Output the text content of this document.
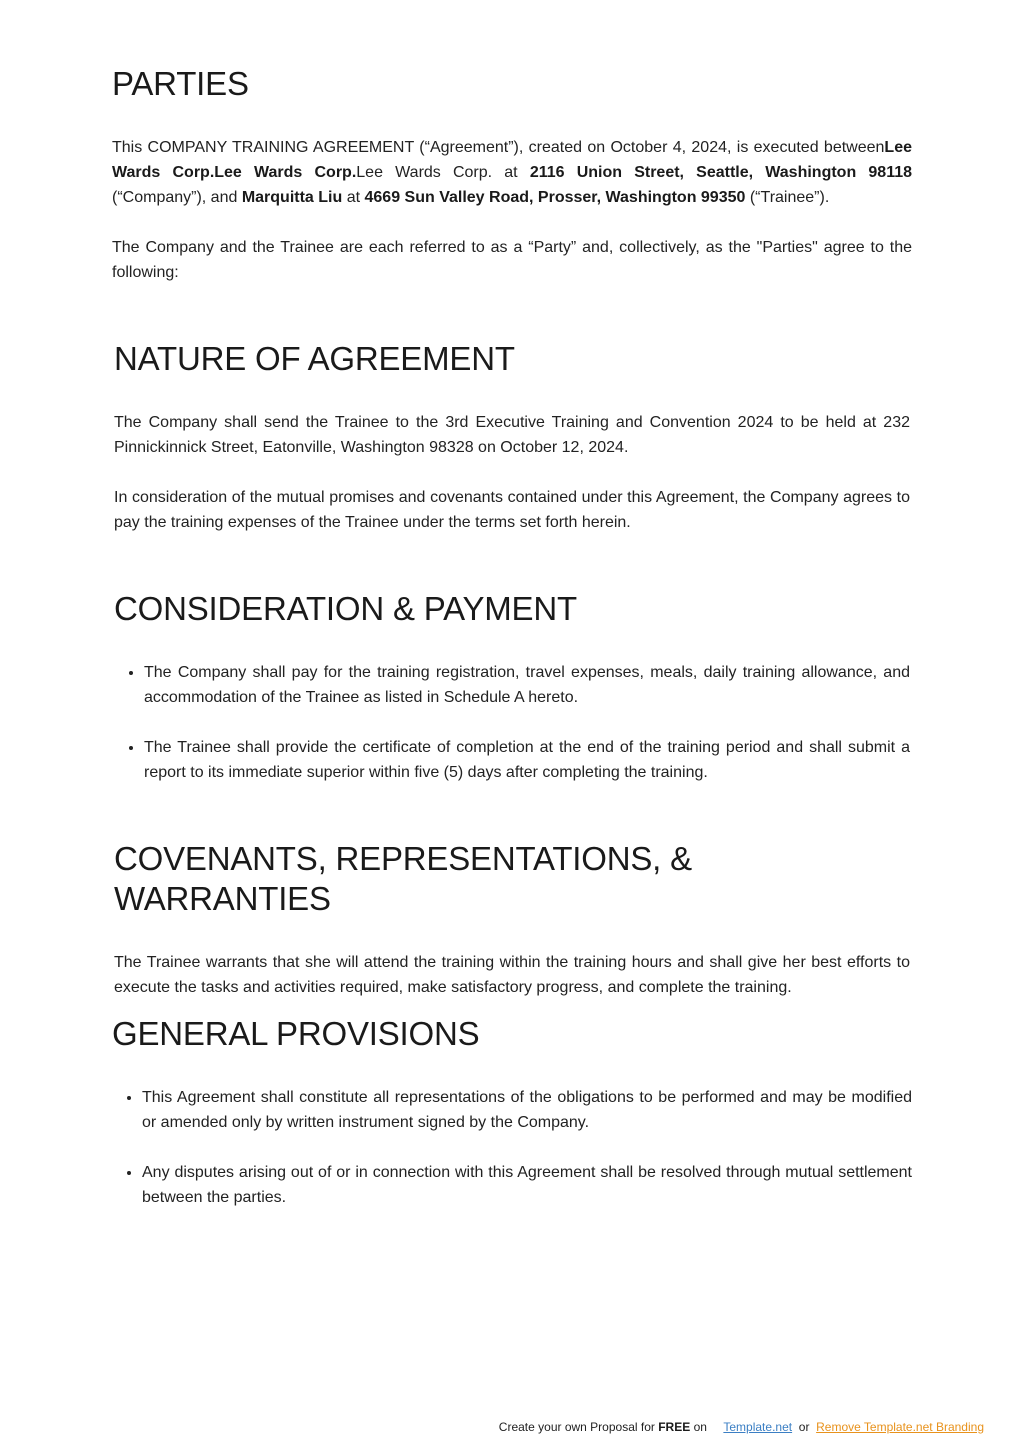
PARTIES

This COMPANY TRAINING AGREEMENT (“Agreement”), created on October 4, 2024, is executed betweenLee Wards Corp.Lee Wards Corp.Lee Wards Corp. at 2116 Union Street, Seattle, Washington 98118 (“Company”), and Marquitta Liu at 4669 Sun Valley Road, Prosser, Washington 99350 (“Trainee”).

The Company and the Trainee are each referred to as a “Party” and, collectively, as the "Parties" agree to the following:

NATURE OF AGREEMENT

The Company shall send the Trainee to the 3rd Executive Training and Convention 2024 to be held at 232 Pinnickinnick Street, Eatonville, Washington 98328 on October 12, 2024.

In consideration of the mutual promises and covenants contained under this Agreement, the Company agrees to pay the training expenses of the Trainee under the terms set forth herein.

CONSIDERATION & PAYMENT
• The Company shall pay for the training registration, travel expenses, meals, daily training allowance, and accommodation of the Trainee as listed in Schedule A hereto.
• The Trainee shall provide the certificate of completion at the end of the training period and shall submit a report to its immediate superior within five (5) days after completing the training.
COVENANTS, REPRESENTATIONS, & WARRANTIES

The Trainee warrants that she will attend the training within the training hours and shall give her best efforts to execute the tasks and activities required, make satisfactory progress, and complete the training.

GENERAL PROVISIONS
• This Agreement shall constitute all representations of the obligations to be performed and may be modified or amended only by written instrument signed by the Company.
• Any disputes arising out of or in connection with this Agreement shall be resolved through mutual settlement between the parties.
Create your own Proposal for FREE on Template.net or Remove Template.net Branding
